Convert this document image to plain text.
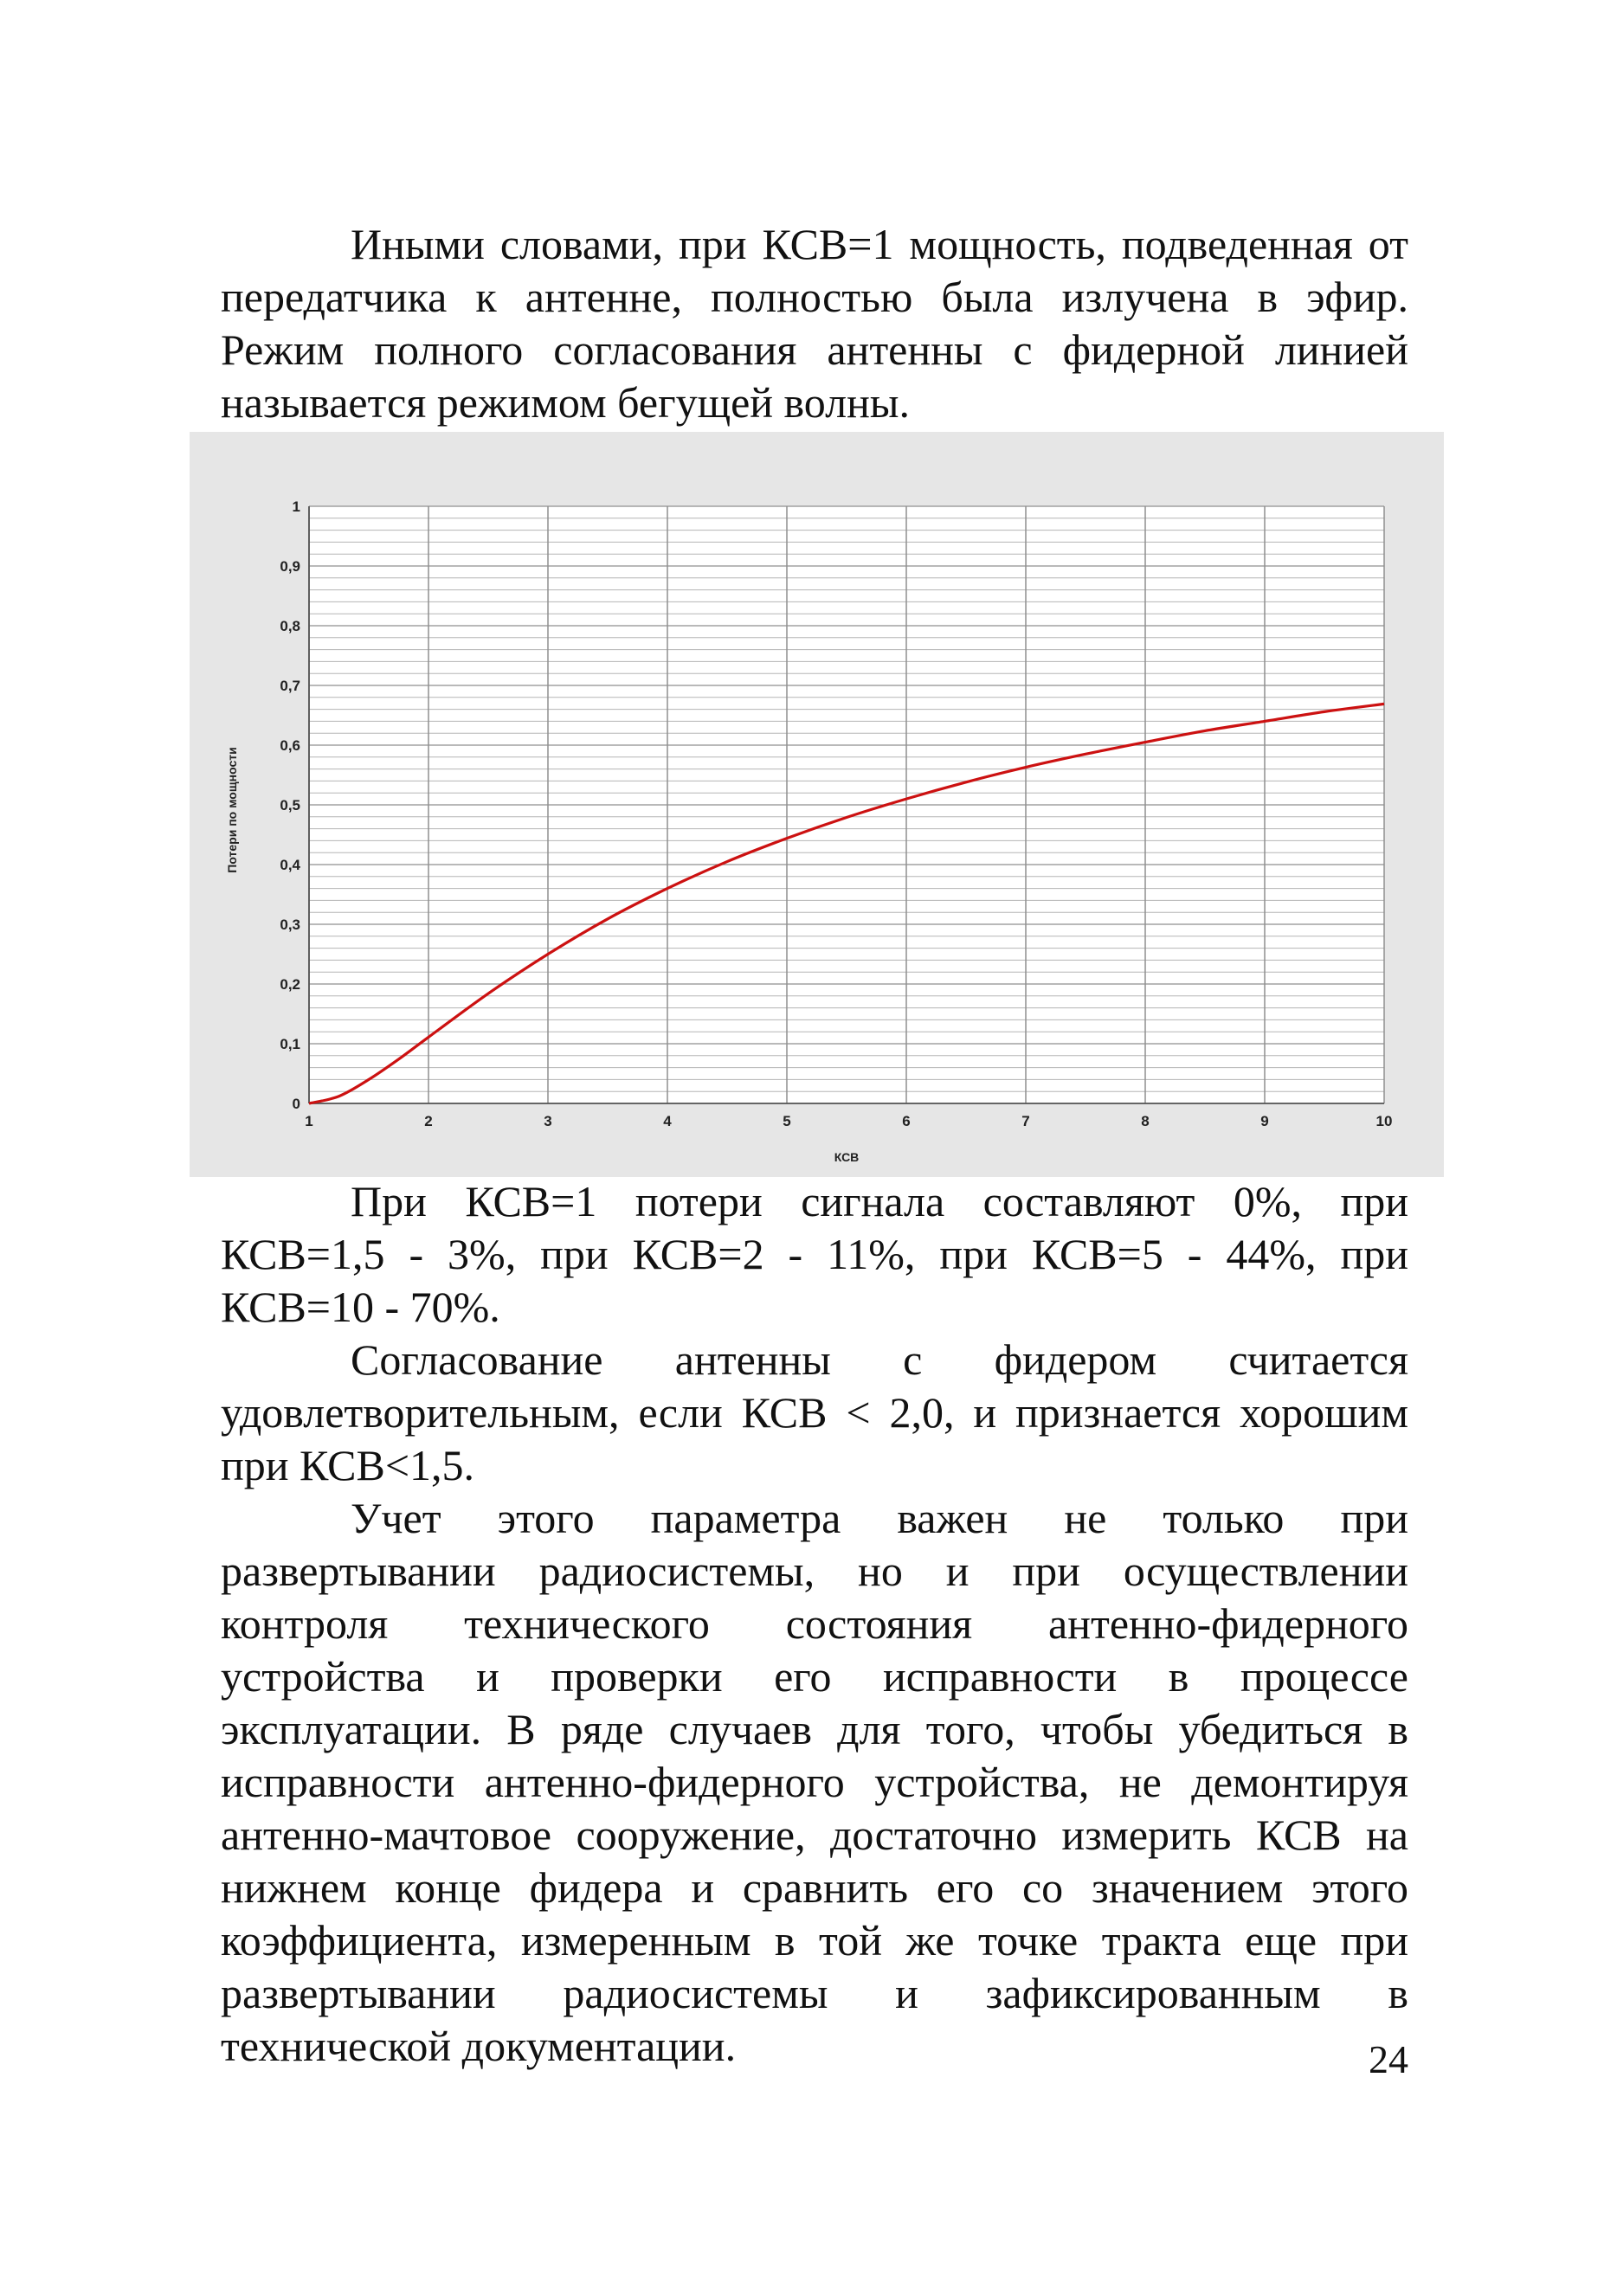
Иными словами, при КСВ=1 мощность, подведенная от передатчика к антенне, полностью была излучена в эфир. Режим полного согласования антенны с фидерной линией называется режимом бегущей волны.

0
0,1
0,2
0,3
0,4
0,5
0,6
0,7
0,8
0,9
1
1	2	3	4	5	6	7	8	9	10
КСВ
Потери по мощности

При КСВ=1 потери сигнала составляют 0%, при КСВ=1,5 - 3%, при КСВ=2 - 11%, при КСВ=5 - 44%, при КСВ=10 - 70%.

Согласование антенны с фидером считается удовлетворительным, если КСВ < 2,0, и признается хорошим при КСВ<1,5.

Учет этого параметра важен не только при развертывании радиосистемы, но и при осуществлении контроля технического состояния антенно-фидерного устройства и проверки его исправности в процессе эксплуатации. В ряде случаев для того, чтобы убедиться в исправности антенно-фидерного устройства, не демонтируя антенно-мачтовое сооружение, достаточно измерить КСВ на нижнем конце фидера и сравнить его со значением этого коэффициента, измеренным в той же точке тракта еще при развертывании радиосистемы и зафиксированным в технической документации.	24
